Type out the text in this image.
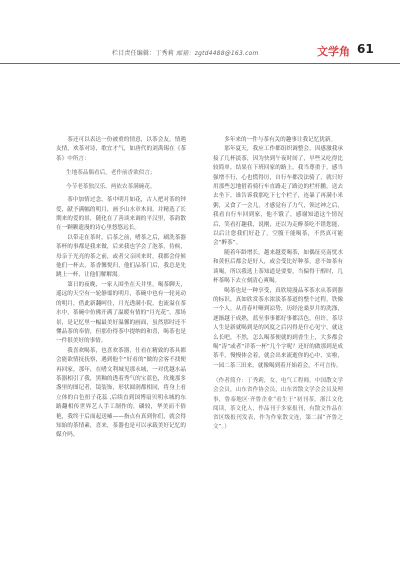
栏目责任编辑：丁秀莉 邮箱：zgtd4488@163.com	文学角 61

茶还可以表达一份被重的情意，以茶会友，情遇友情，欢茶对诗，歌宜才气，如唐代的刘禹锡在《茶茶》中所言：

生地茶品偶看后，老作前香欲似言；

今节老茶独汉乐，两依农茶满碗花。

茶中加情过念，茶中明月如花，古人把对茶的钟爱，献予满幅的明月，画予山水章木间，并精选了长期来的爱的景，随化在了善谈来调的平汉里，茶韵散在一颗颗遗漫的诗心里悠悠远长。

以带走在茶时，后茶之前，嗜茶之后，刷洗茶器茶杯的事都是我来做，后来我也学会了泡茶，侍候，母亲于光亮的茶之前，或者父亲回来时，我都会侍候他们一杯去，茶香馨悦归，他们品茶门后，我总是先跳上一杯，让他们解解渴。

第日的夜晚，一家人围坐在天井里，喝茶聊天，遥远的天空有一轮静谧的明月，茶碗中也有一轮晃动的明月，借此新翻呵往，月光透满小院，也流溢在茶水中，茶碗中仿佛开满了温暖有情的“月光花”，那场景，是记忆里一幅最美好温馨的画面，虽然那时还不懂品茶的奉情，但那份得茶中提纳的和喜，喝茶也是一件很美好的事情。

我喜欢喝茶，也喜欢茶器，仕看在精致的茶具都会能欲情抚抚察，遇到他个“好看的”做的会客不找便再回家，那年，在嗜文利城见那永城，一对优越水晶茶器相引了我，黑釉的透着秀气的宝蓝色，玫瑰那多盏里的图记者，镜装饰，形状圆润都相同，将身上看立体的白色扭子花蕊 ,后续直到国博扇贝明永城的东路翻相传世界艺人手工制作的，磷较，华美而不俗艳，我终于后面起送嗑——指点有真到你们，就会得知始的茶情素，喜来，茶器也是可以承载美好记忆的媒介吗。

多年来的一件与茶有关的趣事让我记忆犹新。

那年夏天，我应工作都组织调整会，因感激我承接了几杯淡茶，因为快到午夜时间了，早些又吃得比较简单，结果在下班回家的路上，我当尊重于，感当强增不行，心也慌得厉，自行车都没法骑了，就只好用那些怎地借着骑行车直路走了路边的栏杆鹏，送去去坐下，谁告诉我那吃下七个栏子，连暴了再满小米粥，又食了一会儿，才感觉有了力气，领过神之后，我看自行车回到家，他不饿了，感谢知道这个情况后，笑看打趣我，说刚，还以为走醉茶吃不错您能，以后让您我们好赴了，空腹千能喝茶，不然真可能会“醉茶”。

随着年龄增长，越来越爱喝茶，如偶征亮南忧水和黄但后都会是好人，或会受比好种茶，意不如茶有谈喝，所以我选上茶知道是要要，当偏得干醇时，几杯茶喝下去立刻清心爽喝。

喝茶也是一种享受，真欣境漫品苯茶水从茶到器的标识，真如欣赏茶水浓淡茶茶道的整个过程，铁像一个人，从青春叶晰到凉势，历经沧桑岁月的洗涤，逐渐越于成熟，蓝至事事都好事都活色，但许，茶尽人生是新就喝到是的风度之后闪得是什心见宁，就这么长吧，不然，怎么喝茶便就的到香生上，大多都会喝“涛”或者“详茶一杯”几个字呢？还好的做那到是成茶半，慢慢体会着，就会出来流逝你的心中，实啦，一园二茶三田来，就像喝到着开始着会，不可言传。

（作者简介：丁秀莉，女，电气工程师，中国散文学会会员，山东省作协会员，山东省散文学会会员及理事，鲁泰地区·齐鲁企业“看生于”初刊茶，浙江文化阅读，茶文化人，作品刊于多家报刊，有散文作品在省区级报刊发表，作为作家散文连，第二届“齐鲁之文”。）
